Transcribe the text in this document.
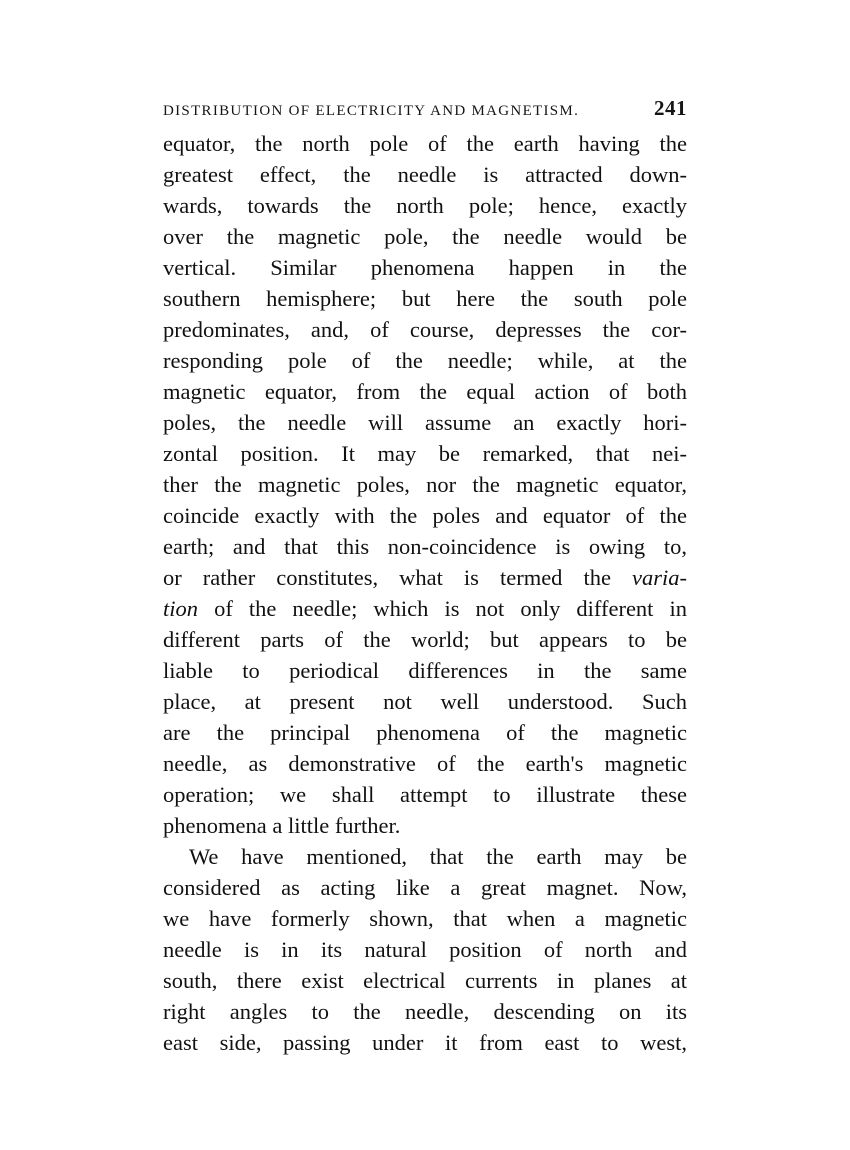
DISTRIBUTION OF ELECTRICITY AND MAGNETISM.	241
equator, the north pole of the earth having the
greatest effect, the needle is attracted down-
wards, towards the north pole; hence, exactly
over the magnetic pole, the needle would be
vertical. Similar phenomena happen in the
southern hemisphere; but here the south pole
predominates, and, of course, depresses the cor-
responding pole of the needle; while, at the
magnetic equator, from the equal action of both
poles, the needle will assume an exactly hori-
zontal position. It may be remarked, that nei-
ther the magnetic poles, nor the magnetic equator,
coincide exactly with the poles and equator of the
earth; and that this non-coincidence is owing to,
or rather constitutes, what is termed the varia-
tion of the needle; which is not only different in
different parts of the world; but appears to be
liable to periodical differences in the same
place, at present not well understood. Such
are the principal phenomena of the magnetic
needle, as demonstrative of the earth's magnetic
operation; we shall attempt to illustrate these
phenomena a little further.
We have mentioned, that the earth may be
considered as acting like a great magnet. Now,
we have formerly shown, that when a magnetic
needle is in its natural position of north and
south, there exist electrical currents in planes at
right angles to the needle, descending on its
east side, passing under it from east to west,
